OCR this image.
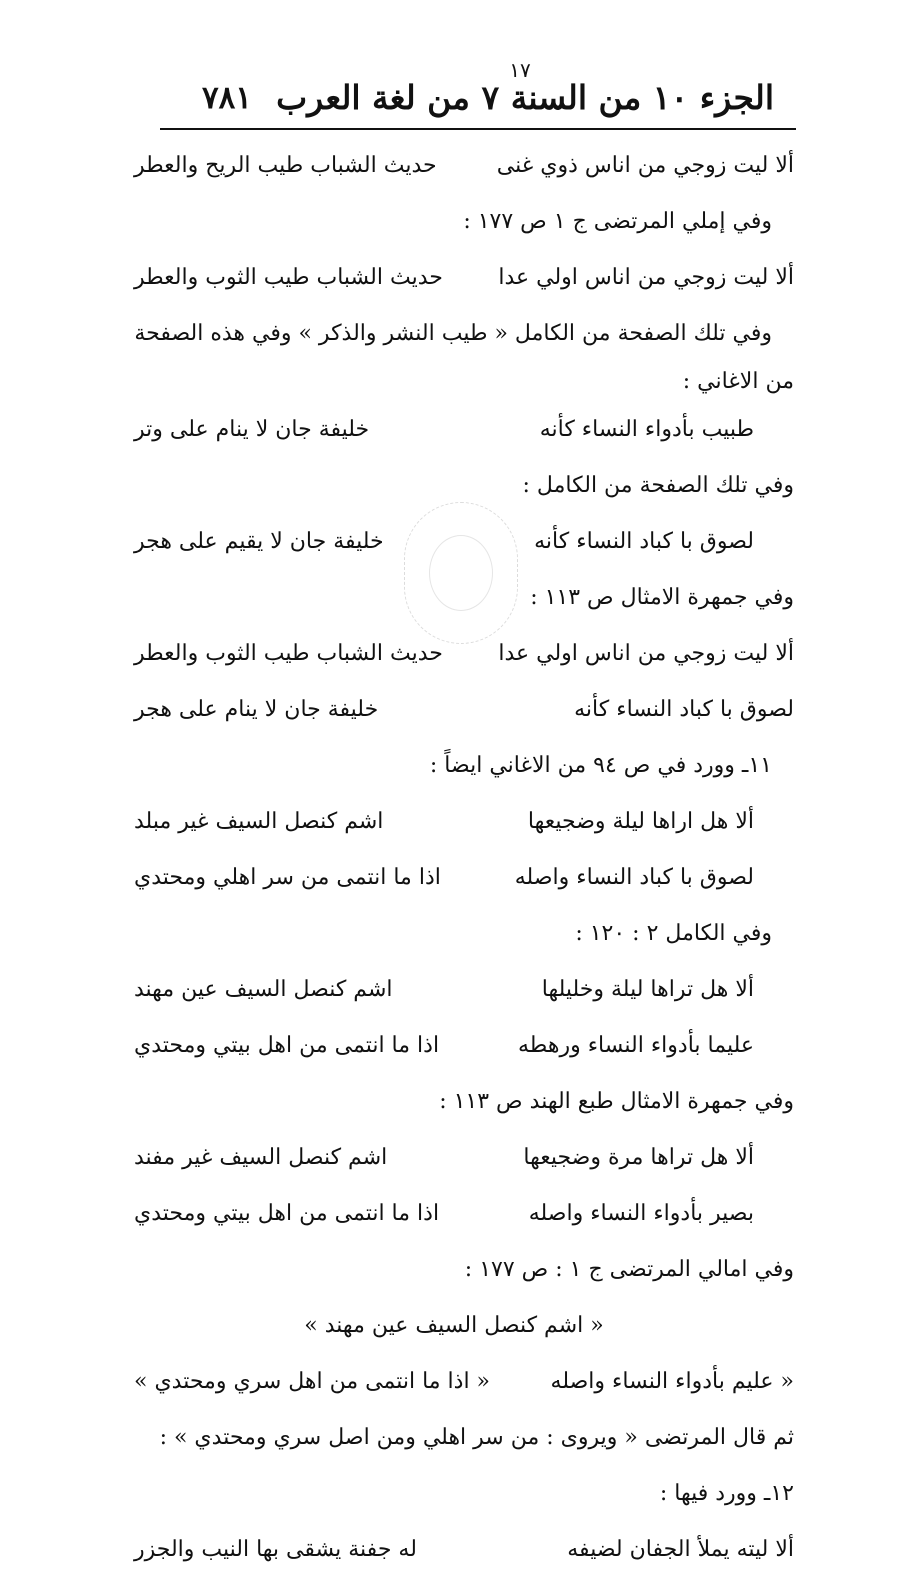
١٧
الجزء ١٠ من السنة ٧ من لغة العرب
٧٨١
ألا ليت زوجي من اناس ذوي غنى
حديث الشباب طيب الريح والعطر
وفي إملي المرتضى ج ١ ص ١٧٧ :
ألا ليت زوجي من اناس اولي عدا
حديث الشباب طيب الثوب والعطر
وفي تلك الصفحة من الكامل « طيب النشر والذكر » وفي هذه الصفحة
من الاغاني :
طبيب بأدواء النساء كأنه
خليفة جان لا ينام على وتر
وفي تلك الصفحة من الكامل :
لصوق با كباد النساء كأنه
خليفة جان لا يقيم على هجر
وفي جمهرة الامثال ص ١١٣ :
ألا ليت زوجي من اناس اولي عدا
حديث الشباب طيب الثوب والعطر
لصوق با كباد النساء كأنه
خليفة جان لا ينام على هجر
١١ـ وورد في ص ٩٤ من الاغاني ايضاً :
ألا هل اراها ليلة وضجيعها
اشم كنصل السيف غير مبلد
لصوق با كباد النساء واصله
اذا ما انتمى من سر اهلي ومحتدي
وفي الكامل ٢ : ١٢٠ :
ألا هل تراها ليلة وخليلها
اشم كنصل السيف عين مهند
عليما بأدواء النساء ورهطه
اذا ما انتمى من اهل بيتي ومحتدي
وفي جمهرة الامثال طبع الهند ص ١١٣ :
ألا هل تراها مرة وضجيعها
اشم كنصل السيف غير مفند
بصير بأدواء النساء واصله
اذا ما انتمى من اهل بيتي ومحتدي
وفي امالي المرتضى ج ١ : ص ١٧٧ :
« اشم كنصل السيف عين مهند »
« عليم بأدواء النساء واصله
« اذا ما انتمى من اهل سري ومحتدي »
ثم قال المرتضى « ويروى : من سر اهلي ومن اصل سري ومحتدي » :
١٢ـ وورد فيها :
ألا ليته يملأ الجفان لضيفه
له جفنة يشقى بها النيب والجزر
